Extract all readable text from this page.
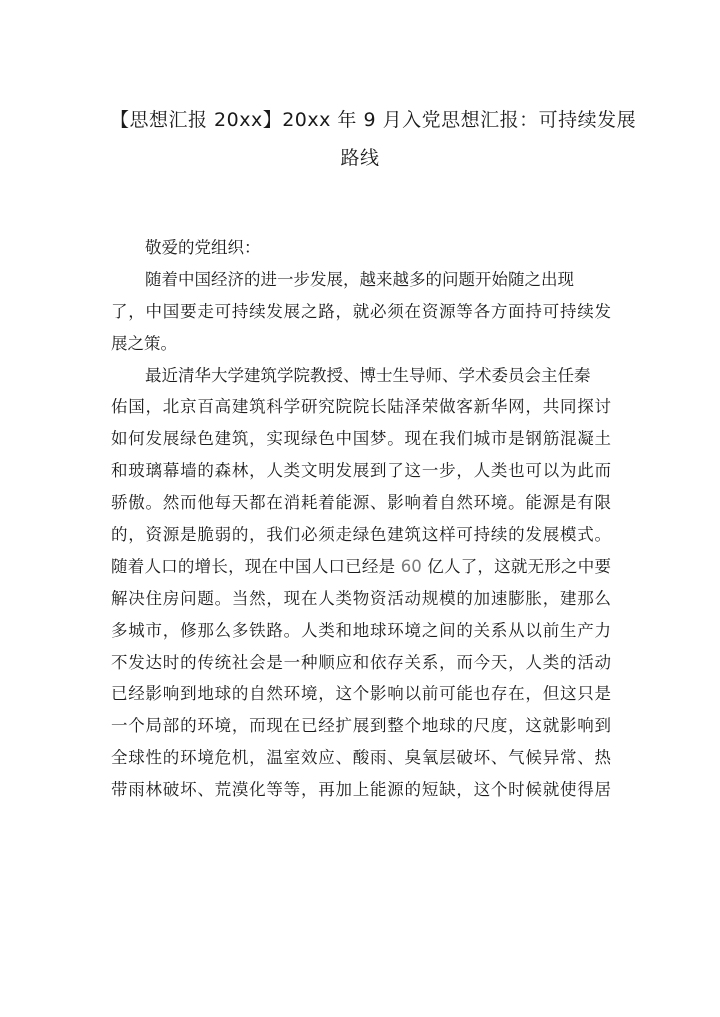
【思想汇报 20xx】20xx 年 9 月入党思想汇报：可持续发展
路线
敬爱的党组织：
随着中国经济的进一步发展，越来越多的问题开始随之出现
了，中国要走可持续发展之路，就必须在资源等各方面持可持续发
展之策。
最近清华大学建筑学院教授、博士生导师、学术委员会主任秦
佑国，北京百高建筑科学研究院院长陆泽荣做客新华网，共同探讨
如何发展绿色建筑，实现绿色中国梦。现在我们城市是钢筋混凝土
和玻璃幕墙的森林，人类文明发展到了这一步，人类也可以为此而
骄傲。然而他每天都在消耗着能源、影响着自然环境。能源是有限
的，资源是脆弱的，我们必须走绿色建筑这样可持续的发展模式。
随着人口的增长，现在中国人口已经是 60 亿人了，这就无形之中要
解决住房问题。当然，现在人类物资活动规模的加速膨胀，建那么
多城市，修那么多铁路。人类和地球环境之间的关系从以前生产力
不发达时的传统社会是一种顺应和依存关系，而今天，人类的活动
已经影响到地球的自然环境，这个影响以前可能也存在，但这只是
一个局部的环境，而现在已经扩展到整个地球的尺度，这就影响到
全球性的环境危机，温室效应、酸雨、臭氧层破坏、气候异常、热
带雨林破坏、荒漠化等等，再加上能源的短缺，这个时候就使得居
